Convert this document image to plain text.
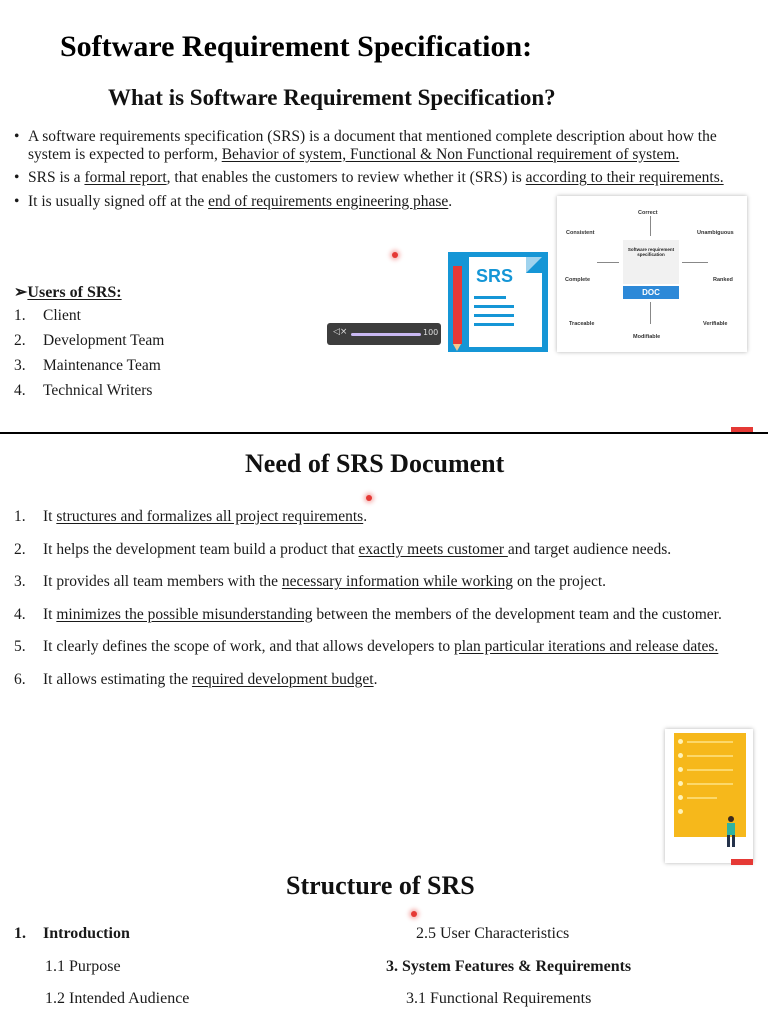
Software Requirement Specification:
What is Software Requirement Specification?
• A software requirements specification (SRS) is a document that mentioned complete description about how the system is expected to perform, Behavior of system, Functional & Non Functional requirement of system.
• SRS is a formal report, that enables the customers to review whether it (SRS) is according to their requirements.
• It is usually signed off at the end of requirements engineering phase.
➢Users of SRS:
1. Client
2. Development Team
3. Maintenance Team
4. Technical Writers
◁×	100
SRS
Correct
Consistent	Unambiguous
Complete	Ranked
Traceable	Verifiable
Modifiable
Software requirement specification
DOC
Need of SRS Document
1. It structures and formalizes all project requirements.
2. It helps the development team build a product that exactly meets customer and target audience needs.
3. It provides all team members with the necessary information while working on the project.
4. It minimizes the possible misunderstanding between the members of the development team and the customer.
5. It clearly defines the scope of work, and that allows developers to plan particular iterations and release dates.
6. It allows estimating the required development budget.
Structure of SRS
1. Introduction
1.1 Purpose
1.2 Intended Audience
2.5 User Characteristics
3. System Features & Requirements
3.1 Functional Requirements
